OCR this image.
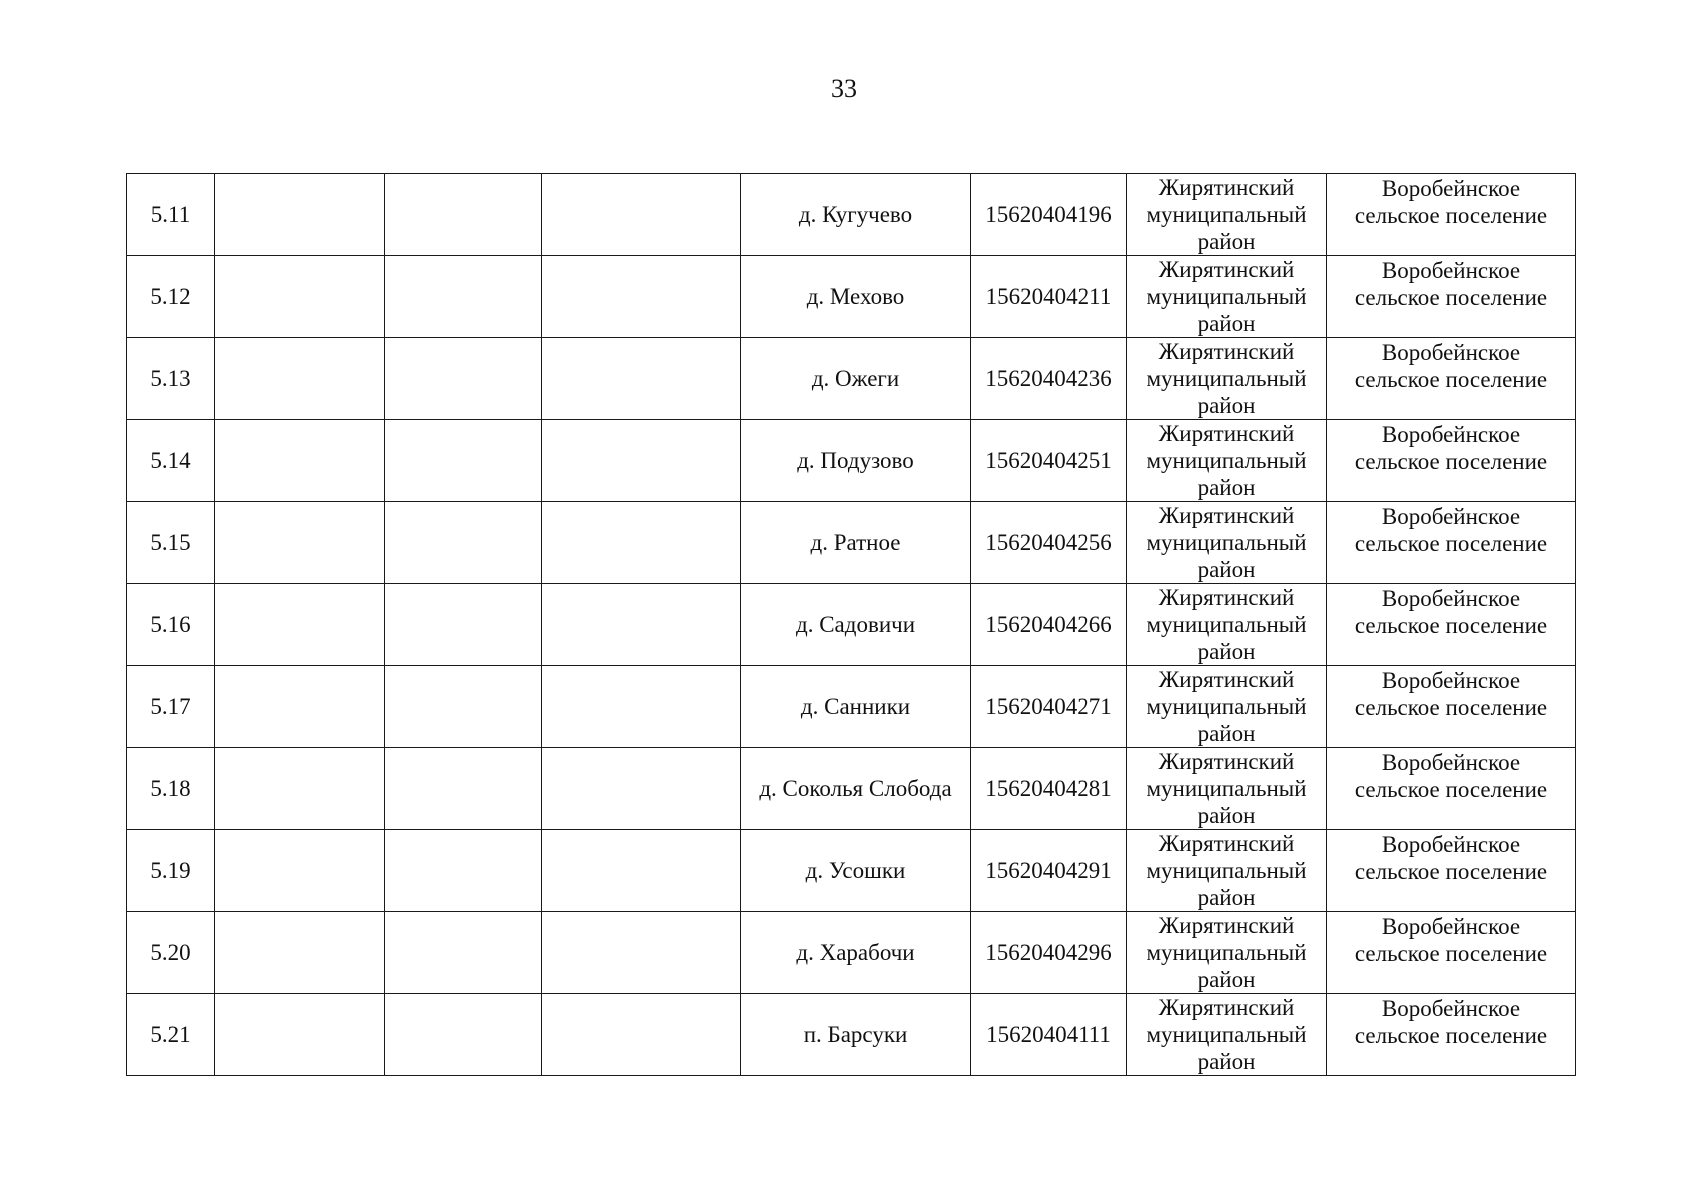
33
5.11				д. Кугучево	15620404196	Жирятинский
муниципальный
район	Воробейнское
сельское поселение

5.12				д. Мехово	15620404211	Жирятинский
муниципальный
район	Воробейнское
сельское поселение

5.13				д. Ожеги	15620404236	Жирятинский
муниципальный
район	Воробейнское
сельское поселение

5.14				д. Подузово	15620404251	Жирятинский
муниципальный
район	Воробейнское
сельское поселение

5.15				д. Ратное	15620404256	Жирятинский
муниципальный
район	Воробейнское
сельское поселение

5.16				д. Садовичи	15620404266	Жирятинский
муниципальный
район	Воробейнское
сельское поселение

5.17				д. Санники	15620404271	Жирятинский
муниципальный
район	Воробейнское
сельское поселение

5.18				д. Соколья Слобода	15620404281	Жирятинский
муниципальный
район	Воробейнское
сельское поселение

5.19				д. Усошки	15620404291	Жирятинский
муниципальный
район	Воробейнское
сельское поселение

5.20				д. Харабочи	15620404296	Жирятинский
муниципальный
район	Воробейнское
сельское поселение

5.21				п. Барсуки	15620404111	Жирятинский
муниципальный
район	Воробейнское
сельское поселение
